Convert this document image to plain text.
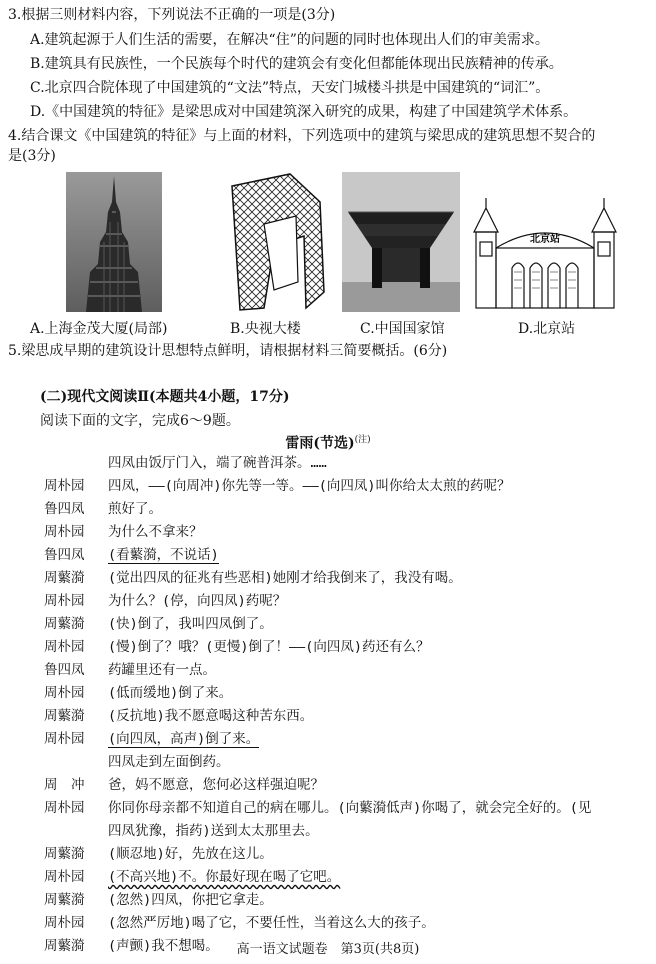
3.根据三则材料内容，下列说法不正确的一项是(3分)
A.建筑起源于人们生活的需要，在解决“住”的问题的同时也体现出人们的审美需求。
B.建筑具有民族性，一个民族每个时代的建筑会有变化但都能体现出民族精神的传承。
C.北京四合院体现了中国建筑的“文法”特点，天安门城楼斗拱是中国建筑的“词汇”。
D.《中国建筑的特征》是梁思成对中国建筑深入研究的成果，构建了中国建筑学术体系。
4.结合课文《中国建筑的特征》与上面的材料，下列选项中的建筑与梁思成的建筑思想不契合的
是(3分)
北京站
A.上海金茂大厦(局部)	B.央视大楼	C.中国国家馆	D.北京站
5.梁思成早期的建筑设计思想特点鲜明，请根据材料三简要概括。(6分)
(二)现代文阅读Ⅱ(本题共4小题，17分)
阅读下面的文字，完成6～9题。
雷雨(节选)$^{(注)}$
四凤由饭厅门入，端了碗普洱茶。……
周朴园	四凤，——(向周冲)你先等一等。——(向四凤)叫你给太太煎的药呢？
鲁四凤	煎好了。
周朴园	为什么不拿来？
鲁四凤	(看蘩漪，不说话)
周蘩漪	(觉出四凤的征兆有些恶相)她刚才给我倒来了，我没有喝。
周朴园	为什么？(停，向四凤)药呢？
周蘩漪	(快)倒了，我叫四凤倒了。
周朴园	(慢)倒了？哦？(更慢)倒了！——(向四凤)药还有么？
鲁四凤	药罐里还有一点。
周朴园	(低而缓地)倒了来。
周蘩漪	(反抗地)我不愿意喝这种苦东西。
周朴园	(向四凤，高声)倒了来。
四凤走到左面倒药。
周　冲	爸，妈不愿意，您何必这样强迫呢？
周朴园	你同你母亲都不知道自己的病在哪儿。(向蘩漪低声)你喝了，就会完全好的。(见
四凤犹豫，指药)送到太太那里去。
周蘩漪	(顺忍地)好，先放在这儿。
周朴园	(不高兴地)不。你最好现在喝了它吧。
周蘩漪	(忽然)四凤，你把它拿走。
周朴园	(忽然严厉地)喝了它，不要任性，当着这么大的孩子。
周蘩漪	(声颤)我不想喝。	高一语文试题卷　第3页(共8页)
